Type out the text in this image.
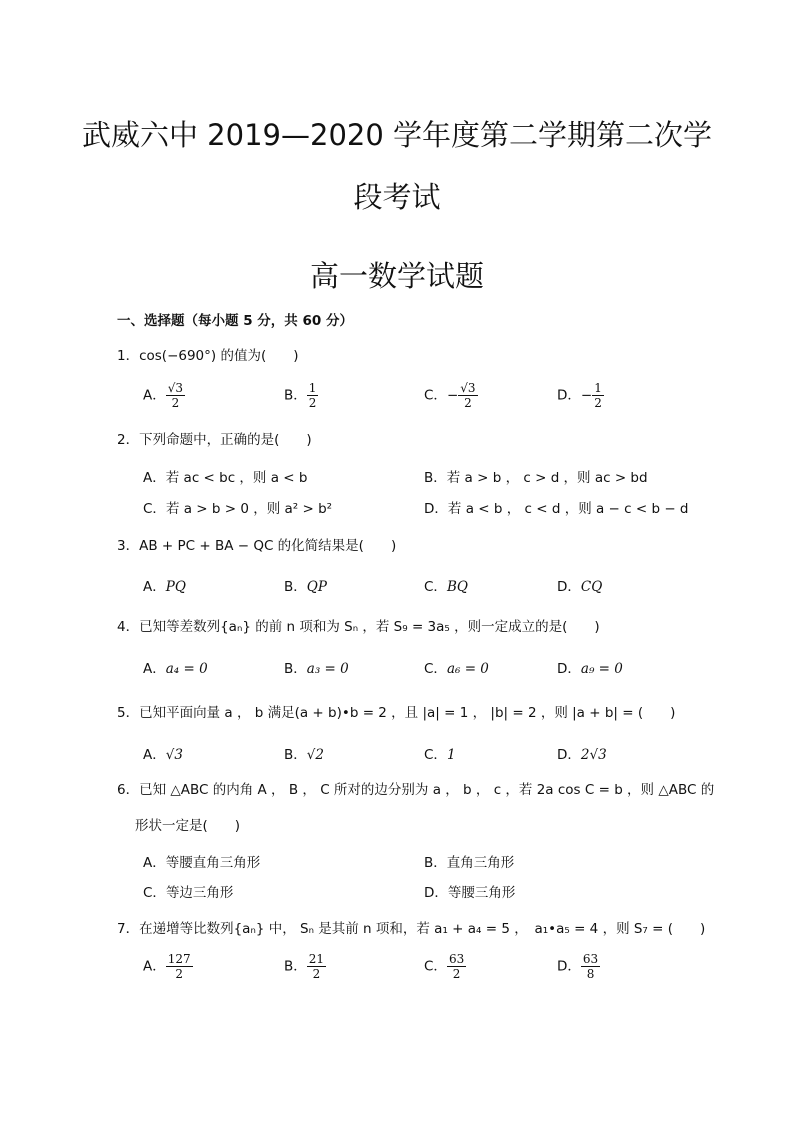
武威六中 2019—2020 学年度第二学期第二次学
段考试
高一数学试题
一、选择题（每小题 5 分，共 60 分）
1．cos(−690°) 的值为(　　)
A． $\frac{√3}{2}$	B． $\frac{1}{2}$	C．− $\frac{√3}{2}$	D．− $\frac{1}{2}$
2．下列命题中，正确的是(　　)
A．若 ac < bc ，则 a < b	B．若 a > b ， c > d ，则 ac > bd
C．若 a > b > 0 ，则 a² > b²	D．若 a < b ， c < d ，则 a − c < b − d
3．AB + PC + BA − QC 的化简结果是(　　)
A．PQ	B．QP	C．BQ	D．CQ
4．已知等差数列{aₙ} 的前 n 项和为 Sₙ ，若 S₉ = 3a₅ ，则一定成立的是(　　)
A．a₄ = 0	B．a₃ = 0	C．a₆ = 0	D．a₉ = 0
5．已知平面向量 a ， b 满足(a + b)•b = 2 ，且 |a| = 1 ， |b| = 2 ，则 |a + b| = (　　)
A．√3	B．√2	C．1	D．2√3
6．已知 △ABC 的内角 A ， B ， C 所对的边分别为 a ， b ， c ，若 2a cos C = b ，则 △ABC 的
形状一定是(　　)
A．等腰直角三角形	B．直角三角形
C．等边三角形	D．等腰三角形
7．在递增等比数列{aₙ} 中， Sₙ 是其前 n 项和，若 a₁ + a₄ = 5 ，　a₁•a₅ = 4 ，则 S₇ = (　　)
A． $\frac{127}{2}$	B． $\frac{21}{2}$	C． $\frac{63}{2}$	D． $\frac{63}{8}$
